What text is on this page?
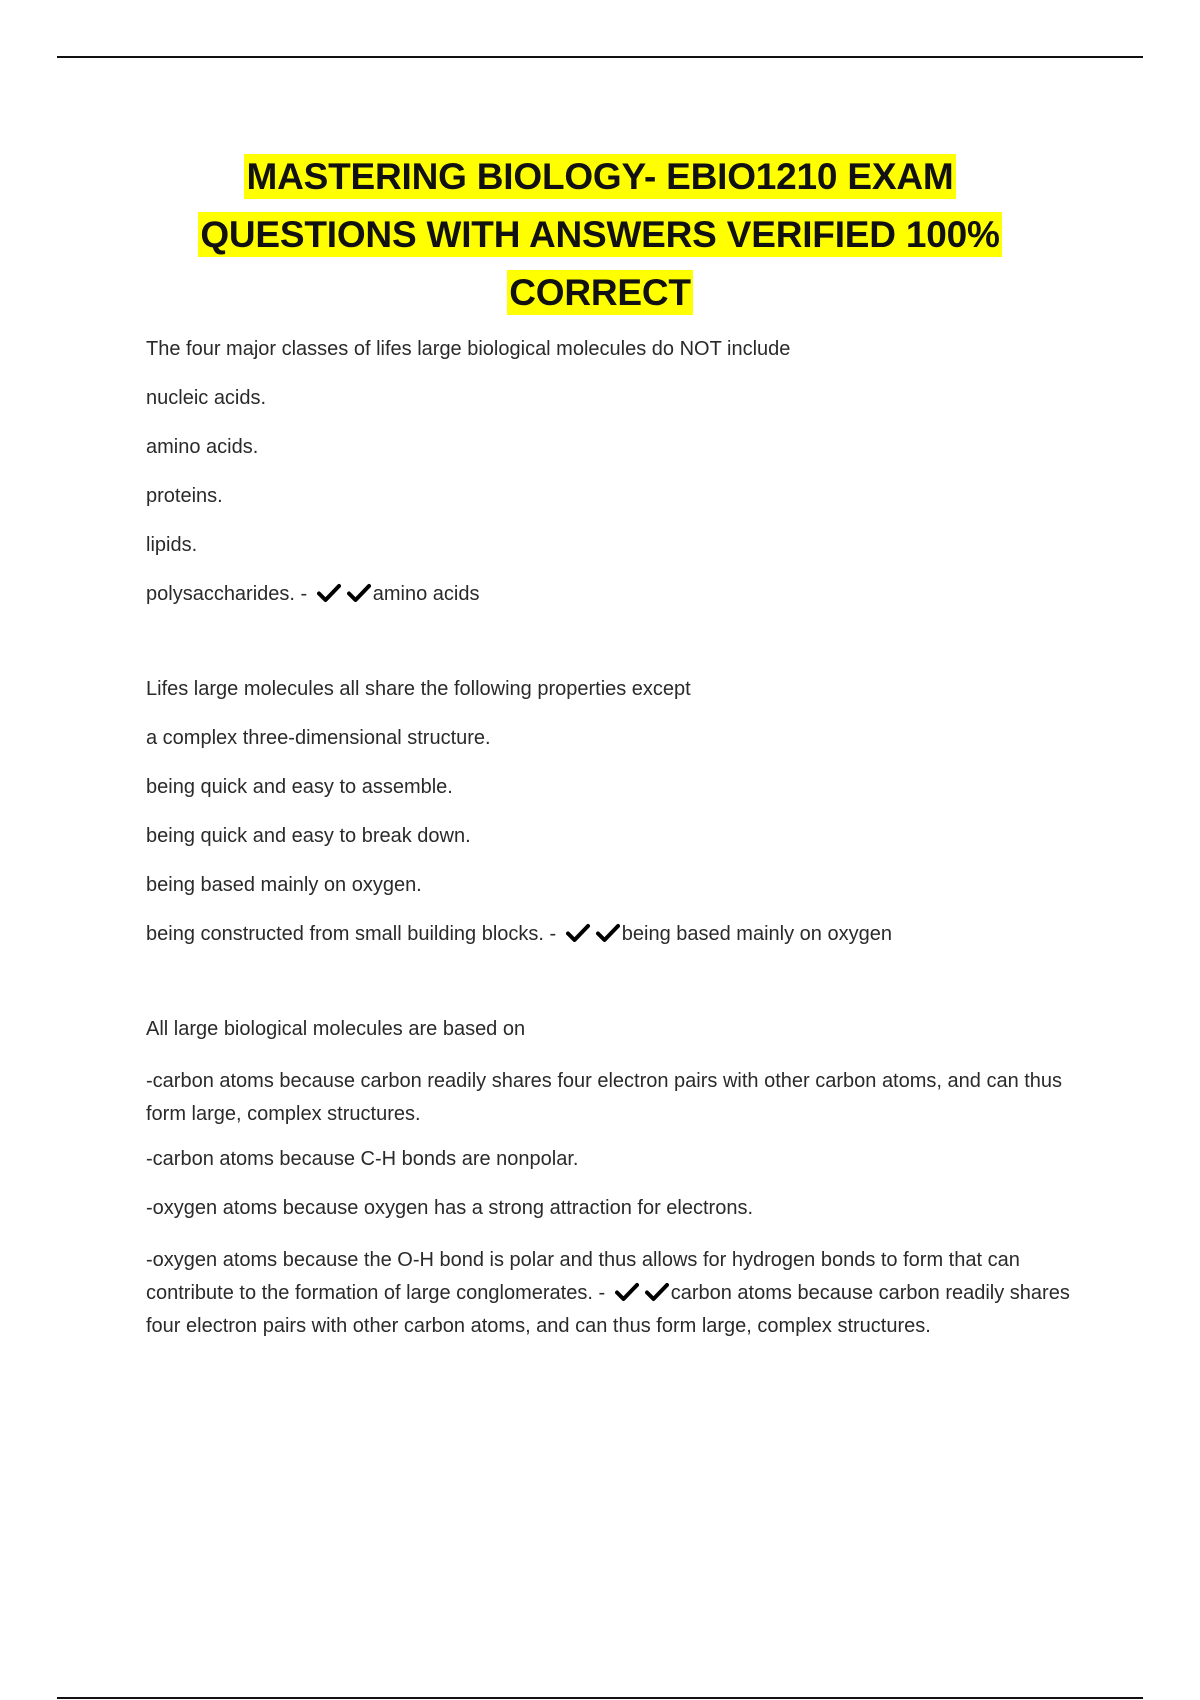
MASTERING BIOLOGY- EBIO1210 EXAM
QUESTIONS WITH ANSWERS VERIFIED 100%
CORRECT

The four major classes of lifes large biological molecules do NOT include

nucleic acids.

amino acids.

proteins.

lipids.

polysaccharides. -	amino acids

Lifes large molecules all share the following properties except

a complex three-dimensional structure.

being quick and easy to assemble.

being quick and easy to break down.

being based mainly on oxygen.

being constructed from small building blocks. -	being based mainly on oxygen

All large biological molecules are based on

-carbon atoms because carbon readily shares four electron pairs with other carbon atoms, and can thus form large, complex structures.

-carbon atoms because C-H bonds are nonpolar.

-oxygen atoms because oxygen has a strong attraction for electrons.

-oxygen atoms because the O-H bond is polar and thus allows for hydrogen bonds to form that can contribute to the formation of large conglomerates. -	carbon atoms because carbon readily shares four electron pairs with other carbon atoms, and can thus form large, complex structures.
